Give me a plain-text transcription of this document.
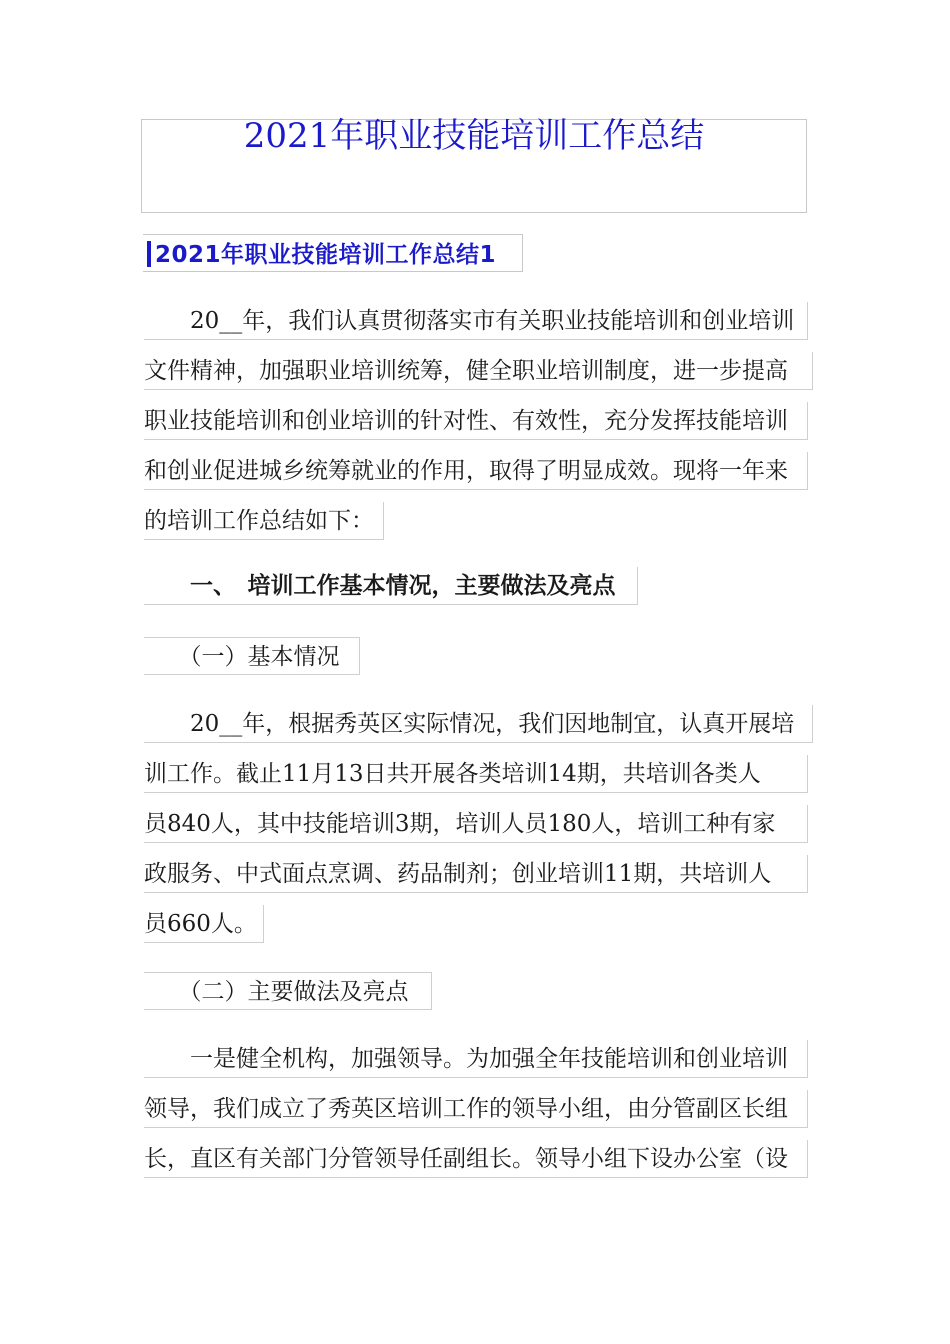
2021年职业技能培训工作总结
2021年职业技能培训工作总结1
　　20__年，我们认真贯彻落实市有关职业技能培训和创业培训
文件精神，加强职业培训统筹，健全职业培训制度，进一步提高
职业技能培训和创业培训的针对性、有效性，充分发挥技能培训
和创业促进城乡统筹就业的作用，取得了明显成效。现将一年来
的培训工作总结如下：
　　一、　培训工作基本情况，主要做法及亮点
　　（一）基本情况
　　20__年，根据秀英区实际情况，我们因地制宜，认真开展培
训工作。截止11月13日共开展各类培训14期，共培训各类人
员840人，其中技能培训3期，培训人员180人，培训工种有家
政服务、中式面点烹调、药品制剂；创业培训11期，共培训人
员660人。
　　（二）主要做法及亮点
　　一是健全机构，加强领导。为加强全年技能培训和创业培训
领导，我们成立了秀英区培训工作的领导小组，由分管副区长组
长，直区有关部门分管领导任副组长。领导小组下设办公室（设
